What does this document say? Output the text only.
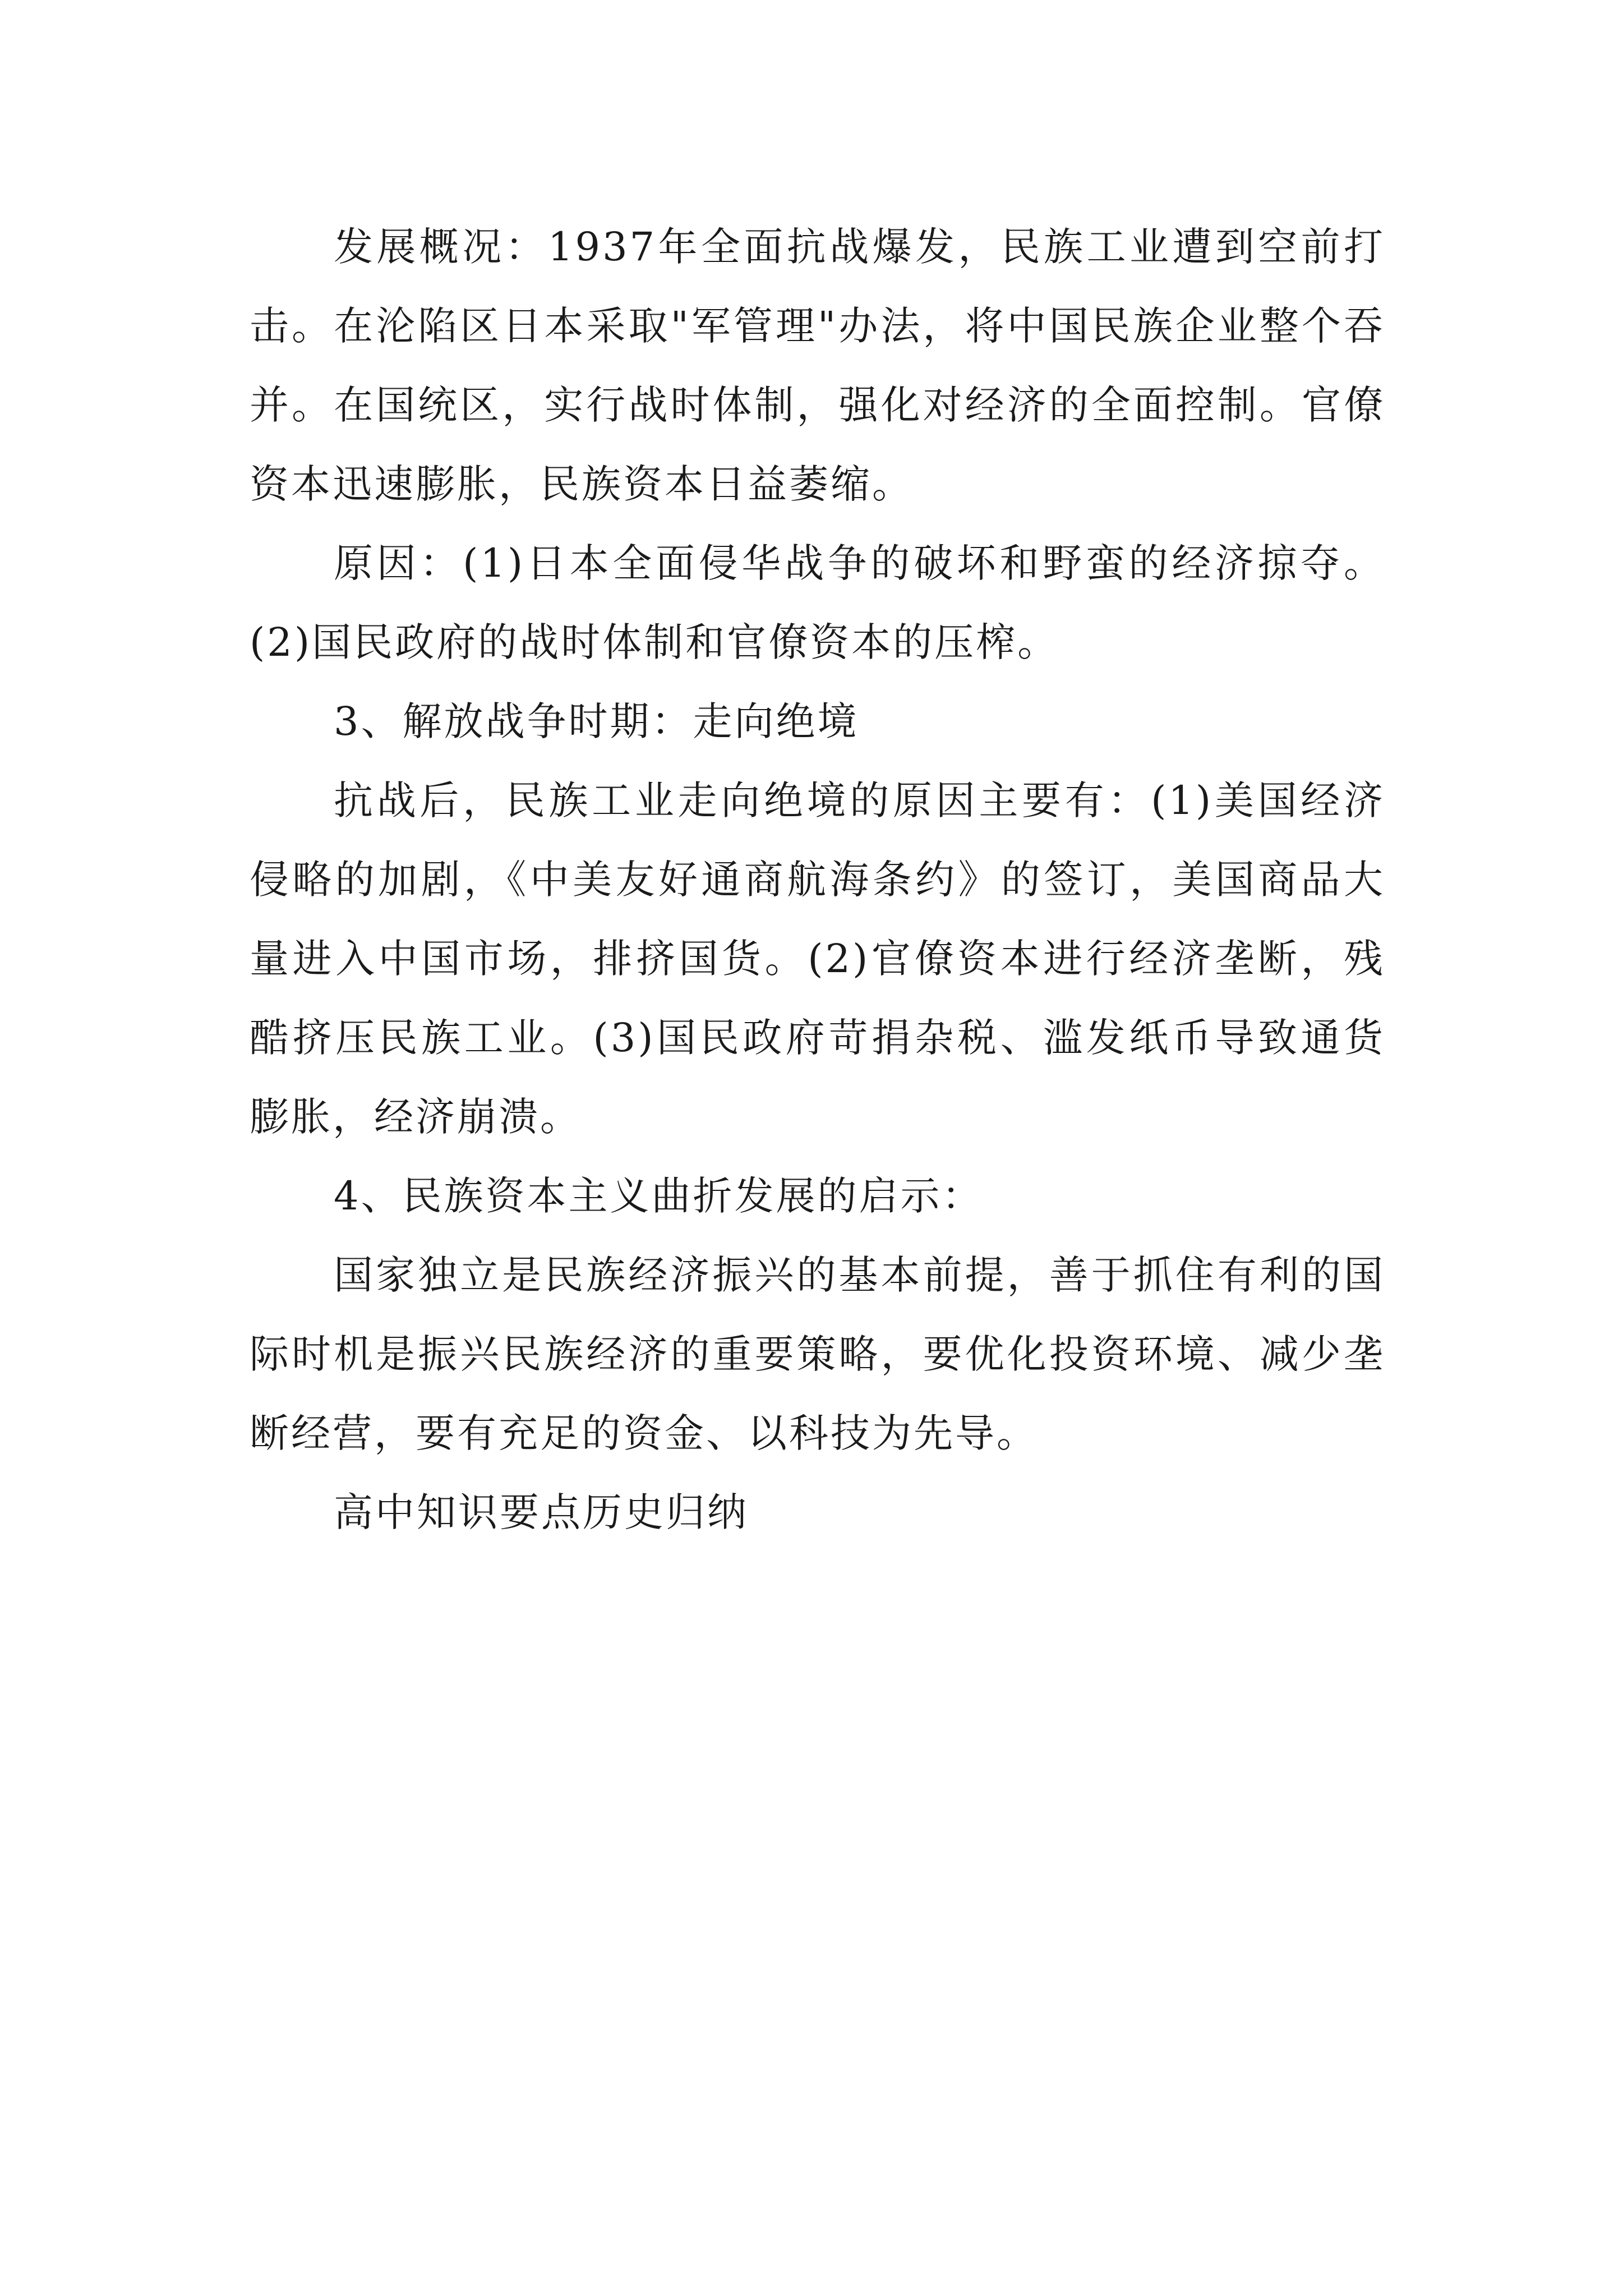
发展概况：1937年全面抗战爆发，民族工业遭到空前打击。在沦陷区日本采取"军管理"办法，将中国民族企业整个吞并。在国统区，实行战时体制，强化对经济的全面控制。官僚资本迅速膨胀，民族资本日益萎缩。

原因：(1)日本全面侵华战争的破坏和野蛮的经济掠夺。(2)国民政府的战时体制和官僚资本的压榨。

3、解放战争时期：走向绝境

抗战后，民族工业走向绝境的原因主要有：(1)美国经济侵略的加剧，《中美友好通商航海条约》的签订，美国商品大量进入中国市场，排挤国货。(2)官僚资本进行经济垄断，残酷挤压民族工业。(3)国民政府苛捐杂税、滥发纸币导致通货膨胀，经济崩溃。

4、民族资本主义曲折发展的启示：

国家独立是民族经济振兴的基本前提，善于抓住有利的国际时机是振兴民族经济的重要策略，要优化投资环境、减少垄断经营，要有充足的资金、以科技为先导。

高中知识要点历史归纳
